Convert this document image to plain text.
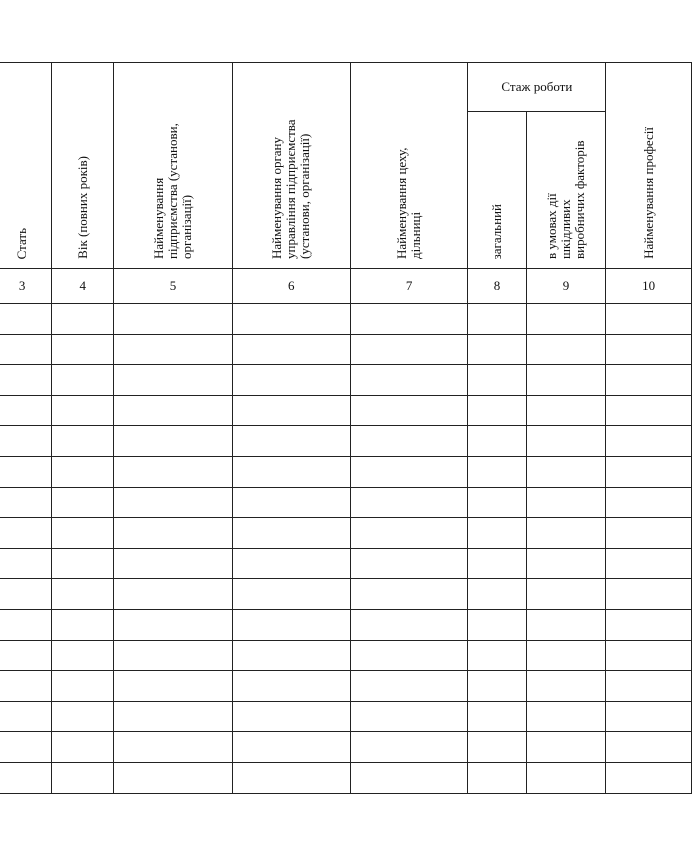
Стать	Вік (повних років)	Найменування підприємства (установи, організації)	Найменування органу управління підприємства (установи, організації)	Найменування цеху, дільниці	Стаж роботи		Найменування професії
					загальний	в умовах дії шкідливих виробничих факторів	
3	4	5	6	7	8	9	10
